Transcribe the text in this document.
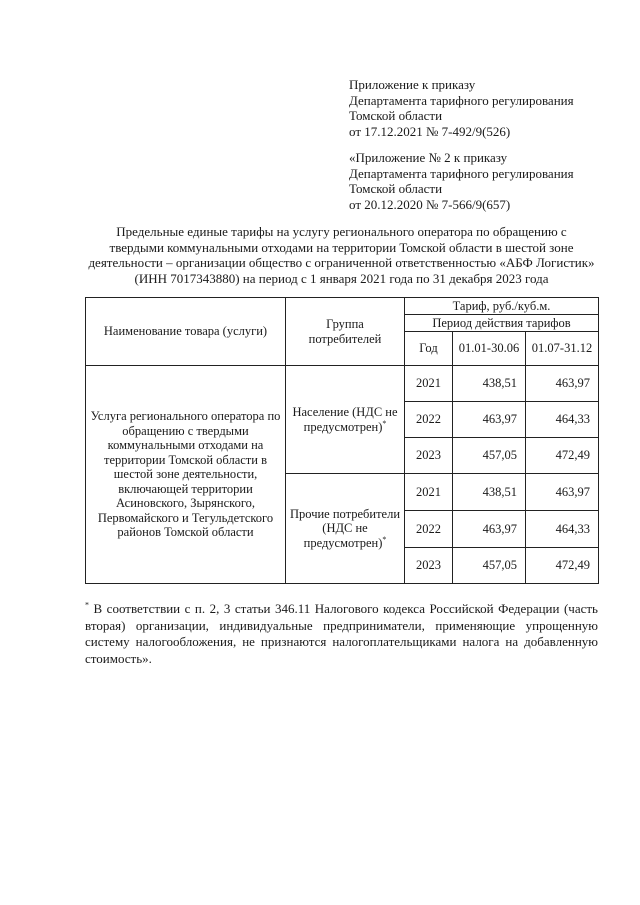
Приложение к приказу
Департамента тарифного регулирования
Томской области
от 17.12.2021 № 7-492/9(526)
«Приложение № 2 к приказу
Департамента тарифного регулирования
Томской области
от 20.12.2020 № 7-566/9(657)
Предельные единые тарифы на услугу регионального оператора по обращению с
твердыми коммунальными отходами на территории Томской области в шестой зоне
деятельности – организации общество с ограниченной ответственностью «АБФ Логистик»
(ИНН 7017343880) на период с 1 января 2021 года по 31 декабря 2023 года
Наименование товара (услуги)	Группа потребителей	Тариф, руб./куб.м.		
		Период действия тарифов		
		Год	01.01-30.06	01.07-31.12
Услуга регионального оператора по обращению с твердыми коммунальными отходами на территории Томской области в шестой зоне деятельности, включающей территории Асиновского, Зырянского, Первомайского и Тегульдетского районов Томской области	Население (НДС не предусмотрен)*	2021	438,51	463,97
		2022	463,97	464,33
		2023	457,05	472,49
	Прочие потребители (НДС не предусмотрен)*	2021	438,51	463,97
		2022	463,97	464,33
		2023	457,05	472,49
* В соответствии с п. 2, 3 статьи 346.11 Налогового кодекса Российской Федерации (часть вторая) организации, индивидуальные предприниматели, применяющие упрощенную систему налогообложения, не признаются налогоплательщиками налога на добавленную стоимость».
